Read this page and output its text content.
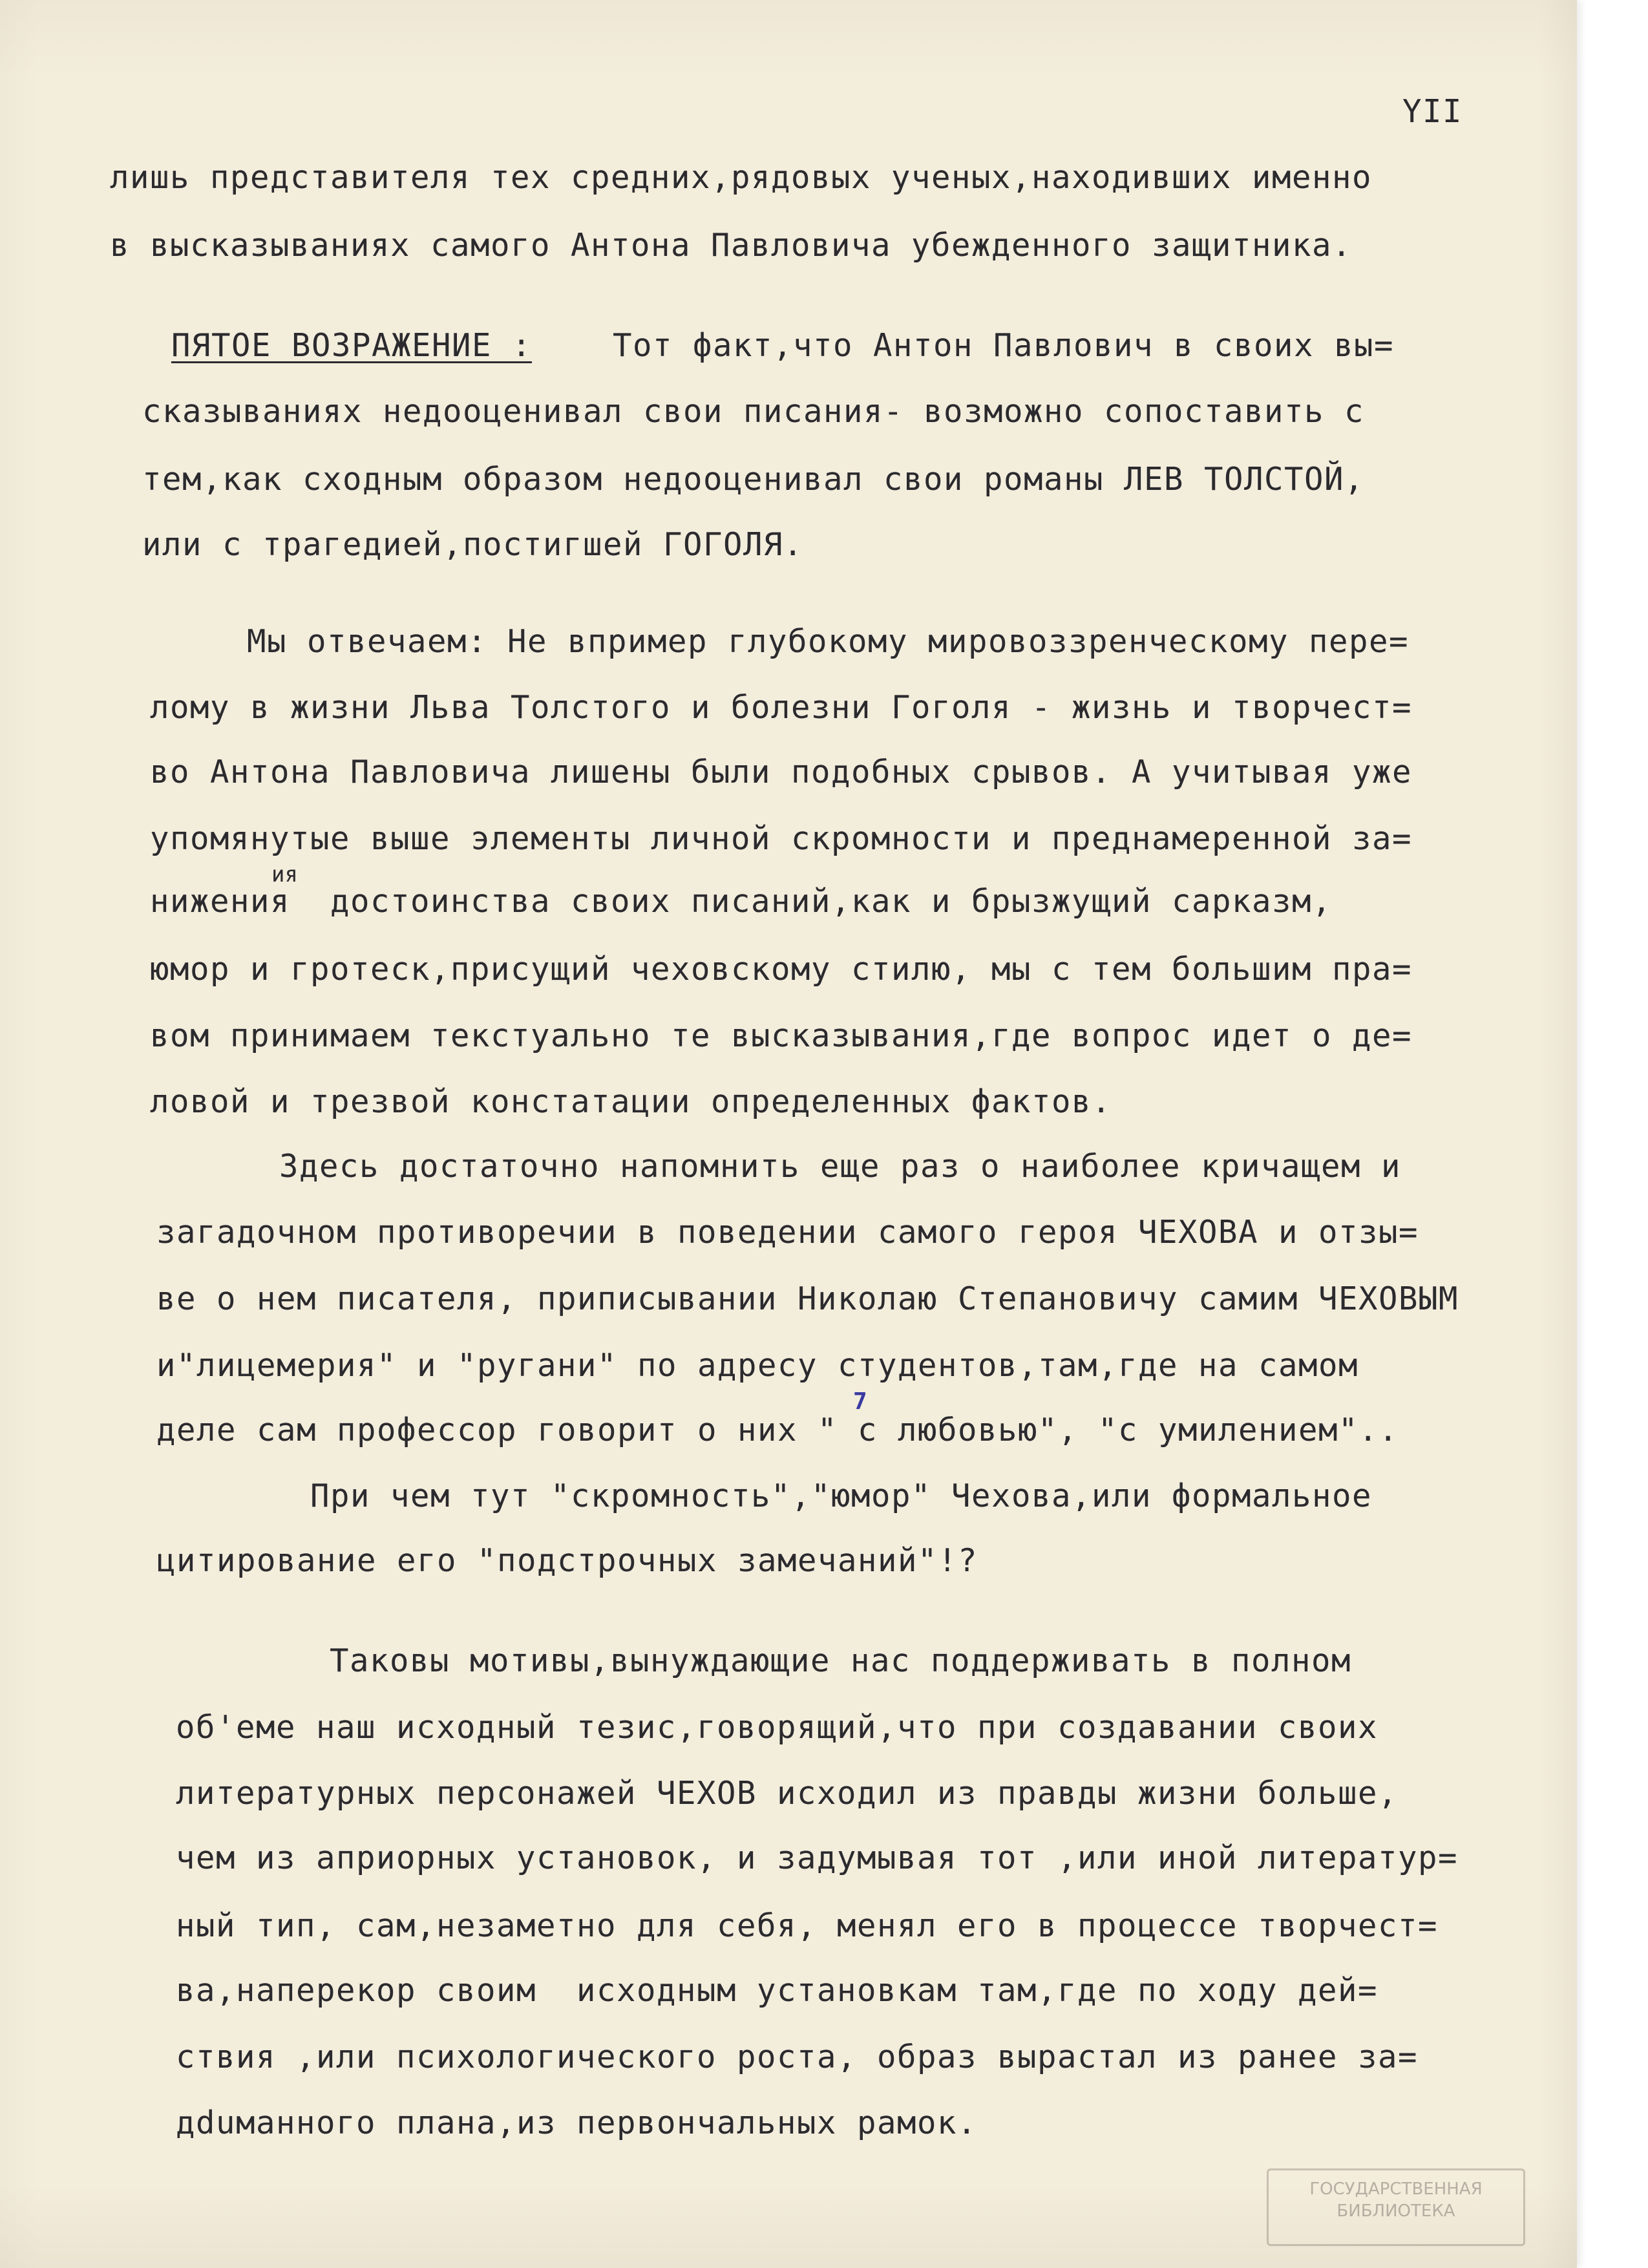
YII
лишь представителя тех средних,рядовых ученых,находивших именно
в высказываниях самого Антона Павловича убежденного защитника.
ПЯТОЕ ВОЗРАЖЕНИЕ :	Тот факт,что Антон Павлович в своих вы=
сказываниях недооценивал свои писания- возможно сопоставить с
тем,как сходным образом недооценивал свои романы ЛЕВ ТОЛСТОЙ,
или с трагедией,постигшей ГОГОЛЯ.
Мы отвечаем: Не впример глубокому мировоззренческому пере=
лому в жизни Льва Толстого и болезни Гоголя - жизнь и творчест=
во Антона Павловича лишены были подобных срывов. А учитывая уже
упомянутые выше элементы личной скромности и преднамеренной за=
ия
нижения  достоинства своих писаний,как и брызжущий сарказм,
юмор и гротеск,присущий чеховскому стилю, мы с тем большим пра=
вом принимаем текстуально те высказывания,где вопрос идет о де=
ловой и трезвой констатации определенных фактов.
Здесь достаточно напомнить еще раз о наиболее кричащем и
загадочном противоречии в поведении самого героя ЧЕХОВА и отзы=
ве о нем писателя, приписывании Николаю Степановичу самим ЧЕХОВЫМ
и"лицемерия" и "ругани" по адресу студентов,там,где на самом
7
деле сам профессор говорит о них " с любовью", "с умилением"..
При чем тут "скромность","юмор" Чехова,или формальное
цитирование его "подстрочных замечаний"!?
Таковы мотивы,вынуждающие нас поддерживать в полном
об'еме наш исходный тезис,говорящий,что при создавании своих
литературных персонажей ЧЕХОВ исходил из правды жизни больше,
чем из априорных установок, и задумывая тот ,или иной литератур=
ный тип, сам,незаметно для себя, менял его в процессе творчест=
ва,наперекор своим  исходным установкам там,где по ходу дей=
ствия ,или психологического роста, образ вырастал из ранее за=
дduманного плана,из первончальных рамок.
ГОСУДАРСТВЕННАЯ
БИБЛИОТЕКА
